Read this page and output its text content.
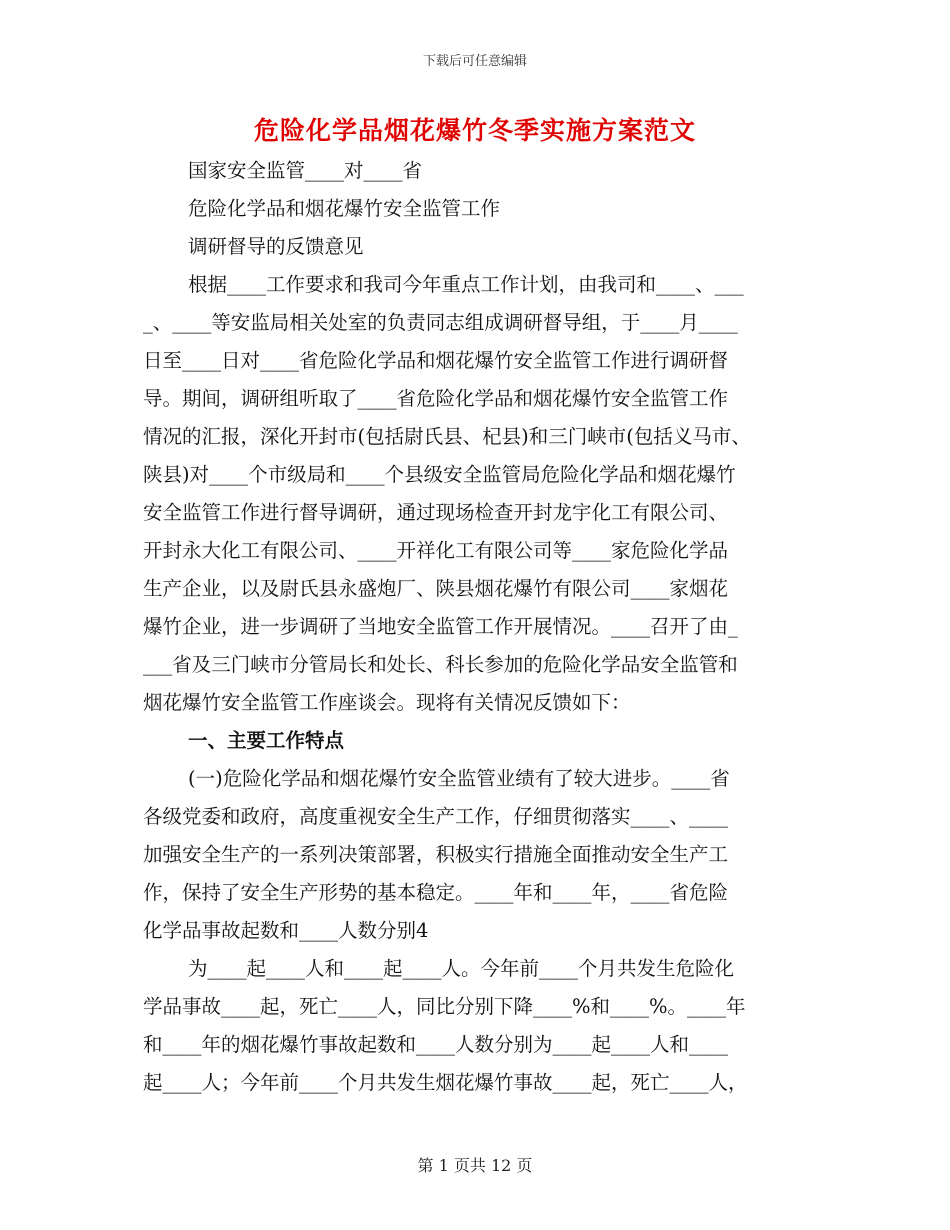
下载后可任意编辑
危险化学品烟花爆竹冬季实施方案范文
国家安全监管____对____省
危险化学品和烟花爆竹安全监管工作
调研督导的反馈意见
根据____工作要求和我司今年重点工作计划，由我司和____、___
_、____等安监局相关处室的负责同志组成调研督导组，于____月____
日至____日对____省危险化学品和烟花爆竹安全监管工作进行调研督
导。期间，调研组听取了____省危险化学品和烟花爆竹安全监管工作
情况的汇报，深化开封市(包括尉氏县、杞县)和三门峡市(包括义马市、
陕县)对____个市级局和____个县级安全监管局危险化学品和烟花爆竹
安全监管工作进行督导调研，通过现场检查开封龙宇化工有限公司、
开封永大化工有限公司、____开祥化工有限公司等____家危险化学品
生产企业，以及尉氏县永盛炮厂、陕县烟花爆竹有限公司____家烟花
爆竹企业，进一步调研了当地安全监管工作开展情况。____召开了由_
___省及三门峡市分管局长和处长、科长参加的危险化学品安全监管和
烟花爆竹安全监管工作座谈会。现将有关情况反馈如下：
一、主要工作特点
(一)危险化学品和烟花爆竹安全监管业绩有了较大进步。____省
各级党委和政府，高度重视安全生产工作，仔细贯彻落实____、____
加强安全生产的一系列决策部署，积极实行措施全面推动安全生产工
作，保持了安全生产形势的基本稳定。____年和____年，____省危险
化学品事故起数和____人数分别4
为____起____人和____起____人。今年前____个月共发生危险化
学品事故____起，死亡____人，同比分别下降____%和____%。____年
和____年的烟花爆竹事故起数和____人数分别为____起____人和____
起____人；今年前____个月共发生烟花爆竹事故____起，死亡____人，
第 1 页共 12 页
